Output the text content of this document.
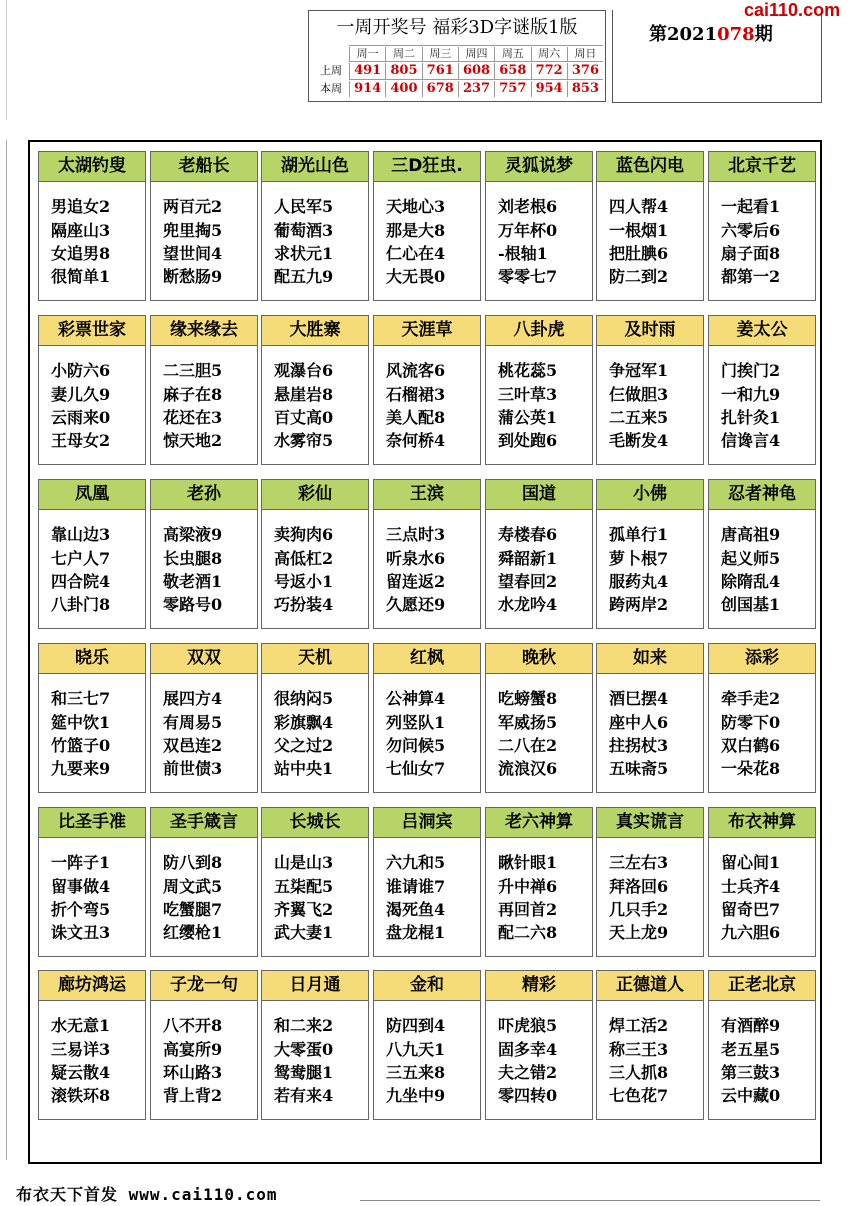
一周开奖号 福彩3D字谜版1版
周一	周二	周三	周四	周五	周六	周日
上周 491 805 761 608 658 772 376
本周 914 400 678 237 757 954 853
第2021078期
cai110.com
太湖钓叟
男追女2
隔座山3
女追男8
很简单1
老船长
两百元2
兜里掏5
望世间4
断愁肠9
湖光山色
人民军5
葡萄酒3
求状元1
配五九9
三D狂虫.
天地心3
那是大8
仁心在4
大无畏0
灵狐说梦
刘老根6
万年杯0
-根轴1
零零七7
蓝色闪电
四人帮4
一根烟1
把肚腆6
防二到2
北京千艺
一起看1
六零后6
扇子面8
都第一2
彩票世家
小防六6
妻儿久9
云雨来0
王母女2
缘来缘去
二三胆5
麻子在8
花还在3
惊天地2
大胜寨
观瀑台6
悬崖岩8
百丈高0
水雾帘5
天涯草
风流客6
石榴裙3
美人配8
奈何桥4
八卦虎
桃花蕊5
三叶草3
蒲公英1
到处跑6
及时雨
争冠军1
仨做胆3
二五来5
毛断发4
姜太公
门挨门2
一和九9
扎针灸1
信谗言4
凤凰
靠山边3
七户人7
四合院4
八卦门8
老孙
高梁液9
长虫腿8
敬老酒1
零路号0
彩仙
卖狗肉6
高低杠2
号返小1
巧扮装4
王滨
三点时3
听泉水6
留连返2
久愿还9
国道
寿楼春6
舜韶新1
望春回2
水龙吟4
小佛
孤单行1
萝卜根7
服药丸4
跨两岸2
忍者神龟
唐高祖9
起义师5
除隋乱4
创国基1
晓乐
和三七7
筵中饮1
竹篮子0
九要来9
双双
展四方4
有周易5
双邑连2
前世债3
天机
很纳闷5
彩旗飘4
父之过2
站中央1
红枫
公神算4
列竖队1
勿问候5
七仙女7
晚秋
吃螃蟹8
军威扬5
二八在2
流浪汉6
如来
酒巳摆4
座中人6
拄拐杖3
五味斋5
添彩
牵手走2
防零下0
双白鹤6
一朵花8
比圣手准
一阵子1
留事做4
折个弯5
诛文丑3
圣手箴言
防八到8
周文武5
吃蟹腿7
红缨枪1
长城长
山是山3
五柒配5
齐翼飞2
武大妻1
吕洞宾
六九和5
谁请谁7
渴死鱼4
盘龙棍1
老六神算
瞅针眼1
升中禅6
再回首2
配二六8
真实谎言
三左右3
拜洛回6
几只手2
天上龙9
布衣神算
留心间1
士兵齐4
留奇巴7
九六胆6
廊坊鸿运
水无意1
三易详3
疑云散4
滚铁环8
子龙一句
八不开8
高宴所9
环山路3
背上背2
日月通
和二来2
大零蛋0
鸳鸯腿1
若有来4
金和
防四到4
八九天1
三五来8
九坐中9
精彩
吓虎狼5
固多幸4
夫之错2
零四转0
正德道人
焊工活2
称三王3
三人抓8
七色花7
正老北京
有酒醉9
老五星5
第三鼓3
云中藏0
布衣天下首发 www.cai110.com
